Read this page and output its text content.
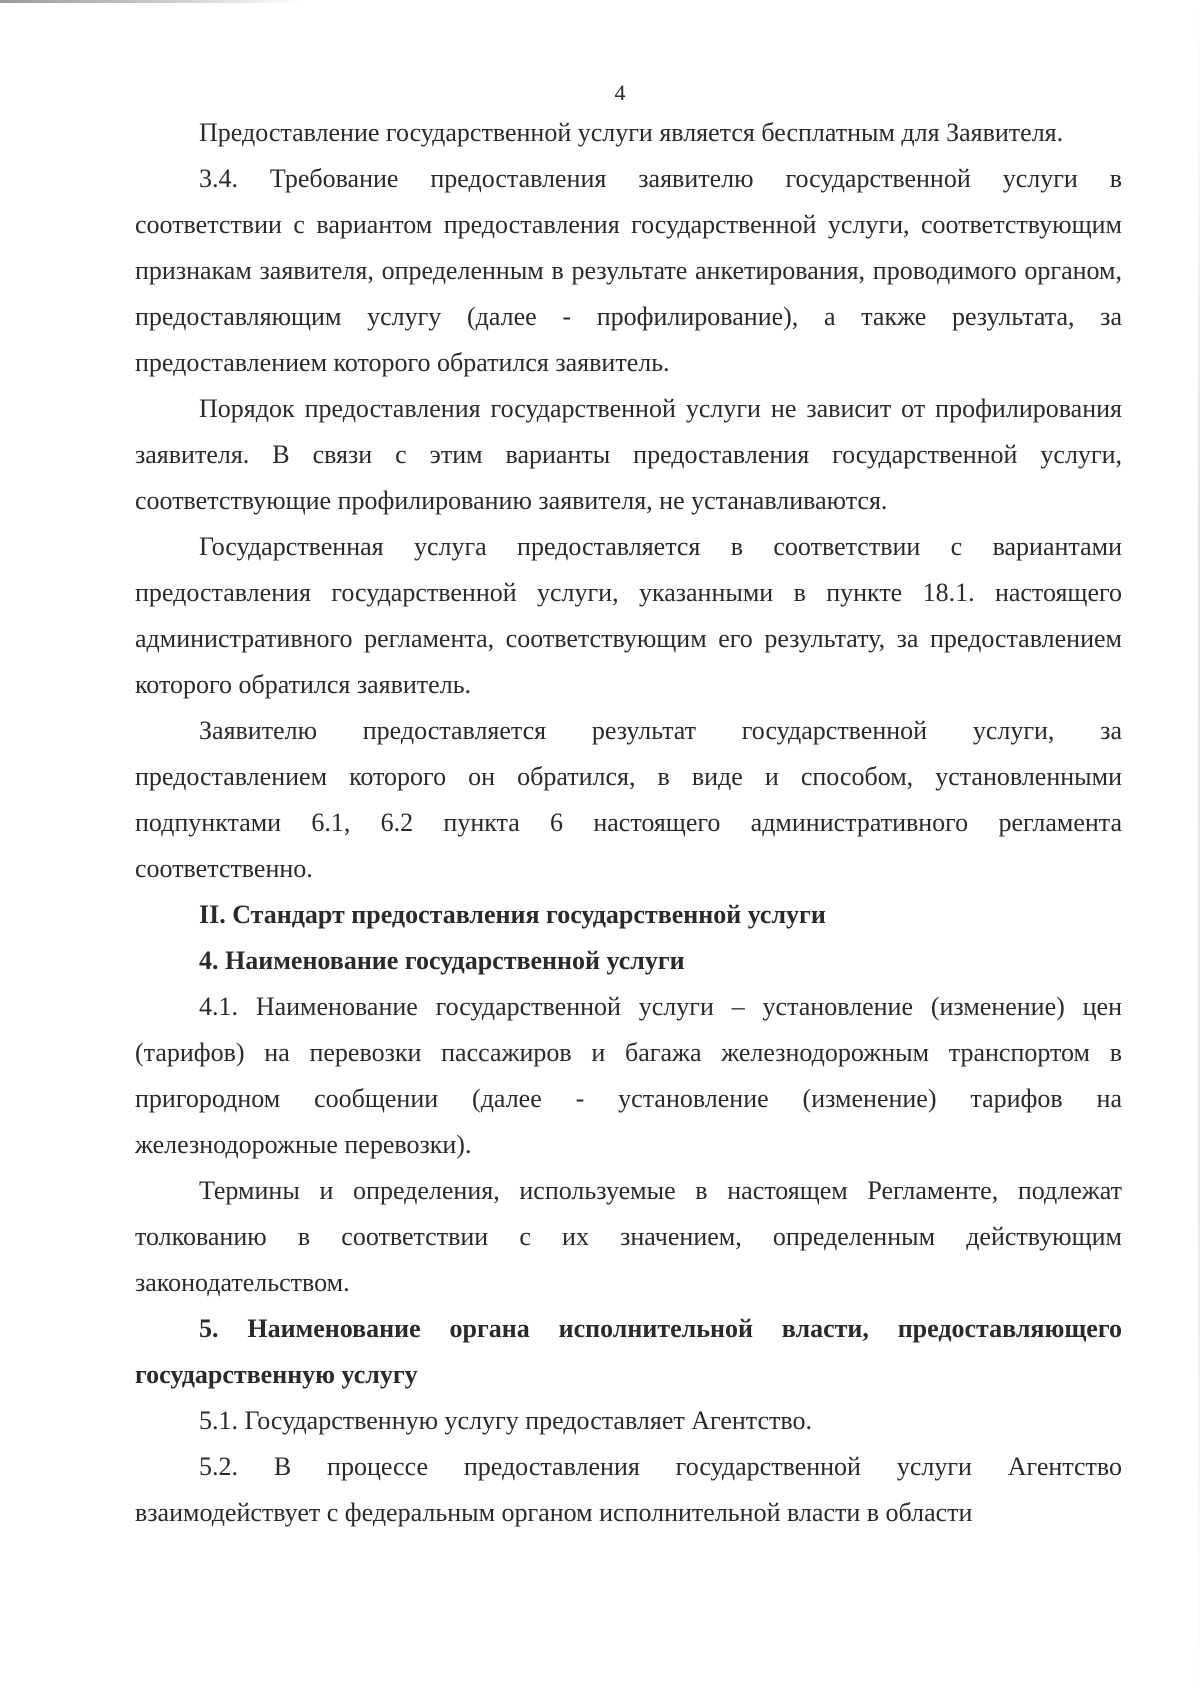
4

Предоставление государственной услуги является бесплатным для Заявителя.

3.4. Требование предоставления заявителю государственной услуги в соответствии с вариантом предоставления государственной услуги, соответствующим признакам заявителя, определенным в результате анкетирования, проводимого органом, предоставляющим услугу (далее - профилирование), а также результата, за предоставлением которого обратился заявитель.

Порядок предоставления государственной услуги не зависит от профилирования заявителя. В связи с этим варианты предоставления государственной услуги, соответствующие профилированию заявителя, не устанавливаются.

Государственная услуга предоставляется в соответствии с вариантами предоставления государственной услуги, указанными в пункте 18.1. настоящего административного регламента, соответствующим его результату, за предоставлением которого обратился заявитель.

Заявителю предоставляется результат государственной услуги, за предоставлением которого он обратился, в виде и способом, установленными подпунктами 6.1, 6.2 пункта 6 настоящего административного регламента соответственно.

II. Стандарт предоставления государственной услуги

4. Наименование государственной услуги

4.1. Наименование государственной услуги – установление (изменение) цен (тарифов) на перевозки пассажиров и багажа железнодорожным транспортом в пригородном сообщении (далее - установление (изменение) тарифов на железнодорожные перевозки).

Термины и определения, используемые в настоящем Регламенте, подлежат толкованию в соответствии с их значением, определенным действующим законодательством.

5. Наименование органа исполнительной власти, предоставляющего государственную услугу

5.1. Государственную услугу предоставляет Агентство.

5.2. В процессе предоставления государственной услуги Агентство взаимодействует с федеральным органом исполнительной власти в области
